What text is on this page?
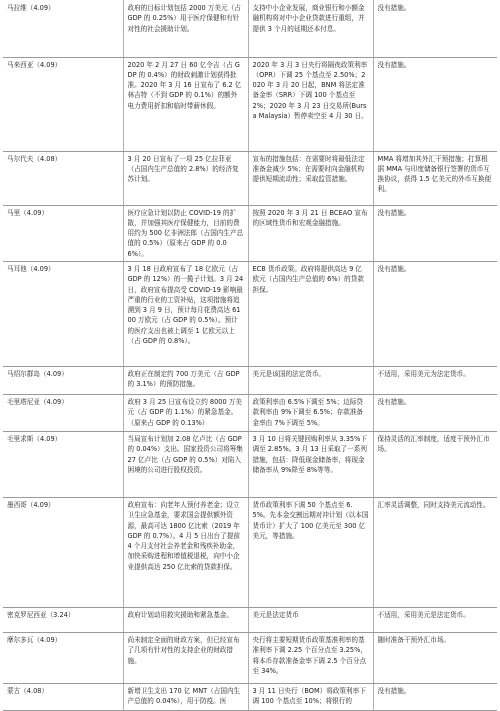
马拉维（4.09）	政府的目标计划包括 2000 万美元（占 GDP 的 0.25%）用于医疗保健和有针对性的社会援助计划。	支持中小企业发展，商业银行和小额金融机构将对中小企业贷款进行重组，并提供 3 个月的延期还本付息。	没有措施。
马来西亚（4.09）	2020 年 2 月 27 日 60 亿令吉（占 GDP 的 0.4%）的财政刺激计划获得批准。2020 年 3 月 16 日宣布了 6.2 亿林吉特（不到 GDP 的 0.1%）的额外电力费用折扣和临时带薪休假。	2020 年 3 月 3 日央行将隔夜政策利率（OPR）下调 25 个基点至 2.50%；2020 年 3 月 20 日起，BNM 将法定准备金率（SRR）下调 100 个基点至 2%；2020 年 3 月 23 日交易所(Bursa Malaysia）暂停卖空至 4 月 30 日。	没有措施。
马尔代夫（4.08）	3 月 20 日宣布了一项 25 亿拉菲亚（占国内生产总值的 2.8%）的经济复苏计划。	宣布的措施包括：在需要时将最低法定准备金减少 5%；在需要时向金融机构提供短期流动性；采取监管措施。	MMA 将增加其外汇干预措施；打算根据 MMA 与印度储备银行签署的货币互换协议，获得 1.5 亿美元的外币互换便利。
马里（4.09）	医疗应急计划以防止 COVID-19 的扩散，并加强其医疗保健能力，目前的费用约为 500 亿非洲法郎（占国内生产总值的 0.5%）（原来占 GDP 的 0.06%）。	按照 2020 年 3 月 21 日 BCEAO 宣布的区域性货币和宏观金融措施。	没有措施。
马耳他（4.09）	3 月 18 日政府宣布了 18 亿欧元（占 GDP 的 12%）的一揽子计划。3 月 24 日，政府宣布提高受 COVID-19 影响最严重的行业的工资补贴，这项措施将追溯到 3 月 9 日，预计每月花费高达 6100 万欧元（占 GDP 的 0.5%）。预计的医疗支出也被上调至 1 亿欧元以上（占 GDP 的 0.8%）。	ECB 货币政策。政府将提供高达 9 亿欧元（占国内生产总值的 6%）的贷款担保。	没有措施。
马绍尔群岛（4.09）	政府正在制定约 700 万美元（占 GDP 的 3.1%）的预防措施。	美元是该国的法定货币。	不适用，采用美元为法定货币。
毛里塔尼亚（4.09）	政府 3 月 25 日宣布设立约 8000 万美元（占 GDP 的 1.1%）的紧急基金。（原来占 GDP 的 0.13%）	政策利率由 6.5%下调至 5%；边际贷款利率由 9%下调至 6.5%；存款准备金率由 7%下调至 5%。	没有措施。
毛里求斯（4.09）	当局宣布计划加 2.08 亿卢比（占 GDP 的 0.04%）支出。国家投资公司将筹集 27 亿卢比（占 GDP 的 0.5%）对陷入困境的公司进行股权投资。	3 月 10 日将关键回购利率从 3.35%下调至 2.85%。3 月 13 日采取了一系列措施，包括：降低现金储备率，将现金储备率从 9%降至 8%等等。	保持灵活的汇率制度，适度干预外汇市场。
墨西哥（4.09）	政府宣布：向老年人预付养老金；设立卫生应急基金，要求国会提供额外资源，最高可达 1800 亿比索（2019 年 GDP 的 0.7%）。4 月 5 日出台了提前 4 个月支付社会养老金和残疾补助金，加快采购进程和增值税退税，向中小企业提供高达 250 亿比索的贷款担保。	货币政策利率下调 50 个基点至 6.5%。先本金交割远期对冲计划（以本国货币计）扩大了 100 亿美元至 300 亿美元，等措施。	汇率灵活调整，同时支持美元流动性。
密克罗尼西亚（3.24）	政府计划动用救灾援助和紧急基金。	美元是法定货币	不适用，采用美元是法定货币。
摩尔多瓦（4.09）	尚未制定全面的财政方案，但已经宣布了几项有针对性的支持企业的财政措施。	央行将主要短期货币政策基准利率的基准利率下调 2.25 个百分点至 3.25%，将本币存款准备金率下调 2.5 个百分点至 34%。	随时准备干预外汇市场。
蒙古（4.08）	新增卫生支出 170 亿 MNT（占国内生产总值的 0.04%），用于防疫。医	3 月 11 日央行（BOM）将政策利率下调 100 个基点至 10%；将银行的	没有措施。
